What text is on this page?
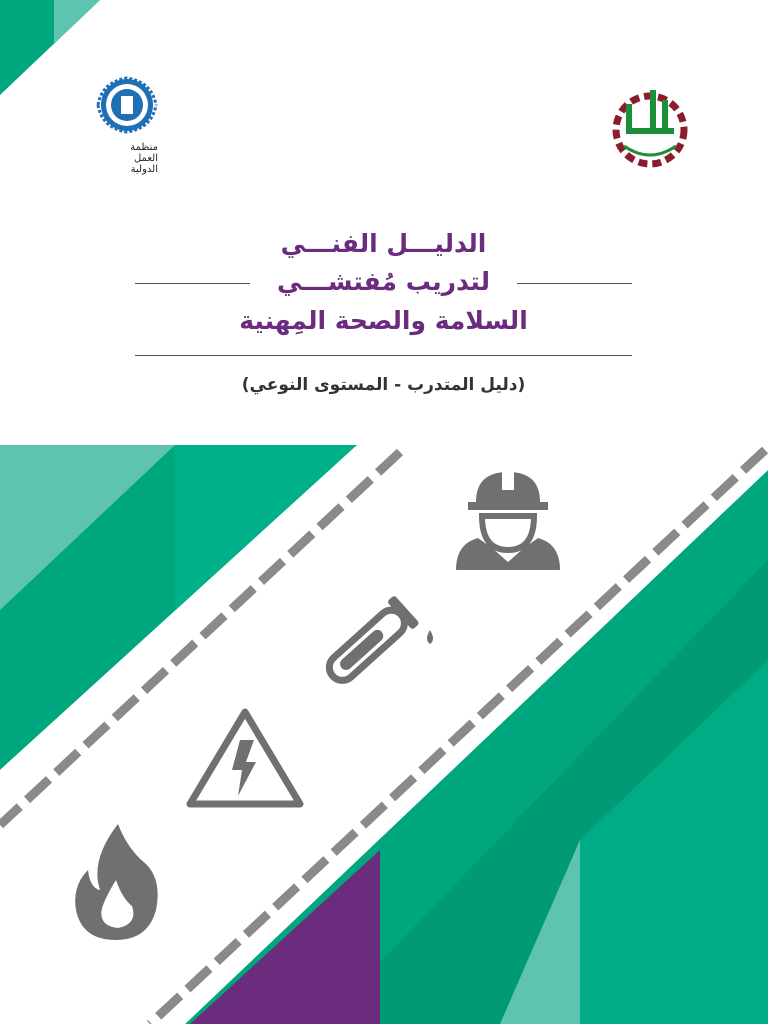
منظمة
العمل
الدولية
الدليـــل الفنـــي
لتدريب مُفتشـــي
السلامة والصحة المِهنية
(دليل المتدرب - المستوى النوعي)
